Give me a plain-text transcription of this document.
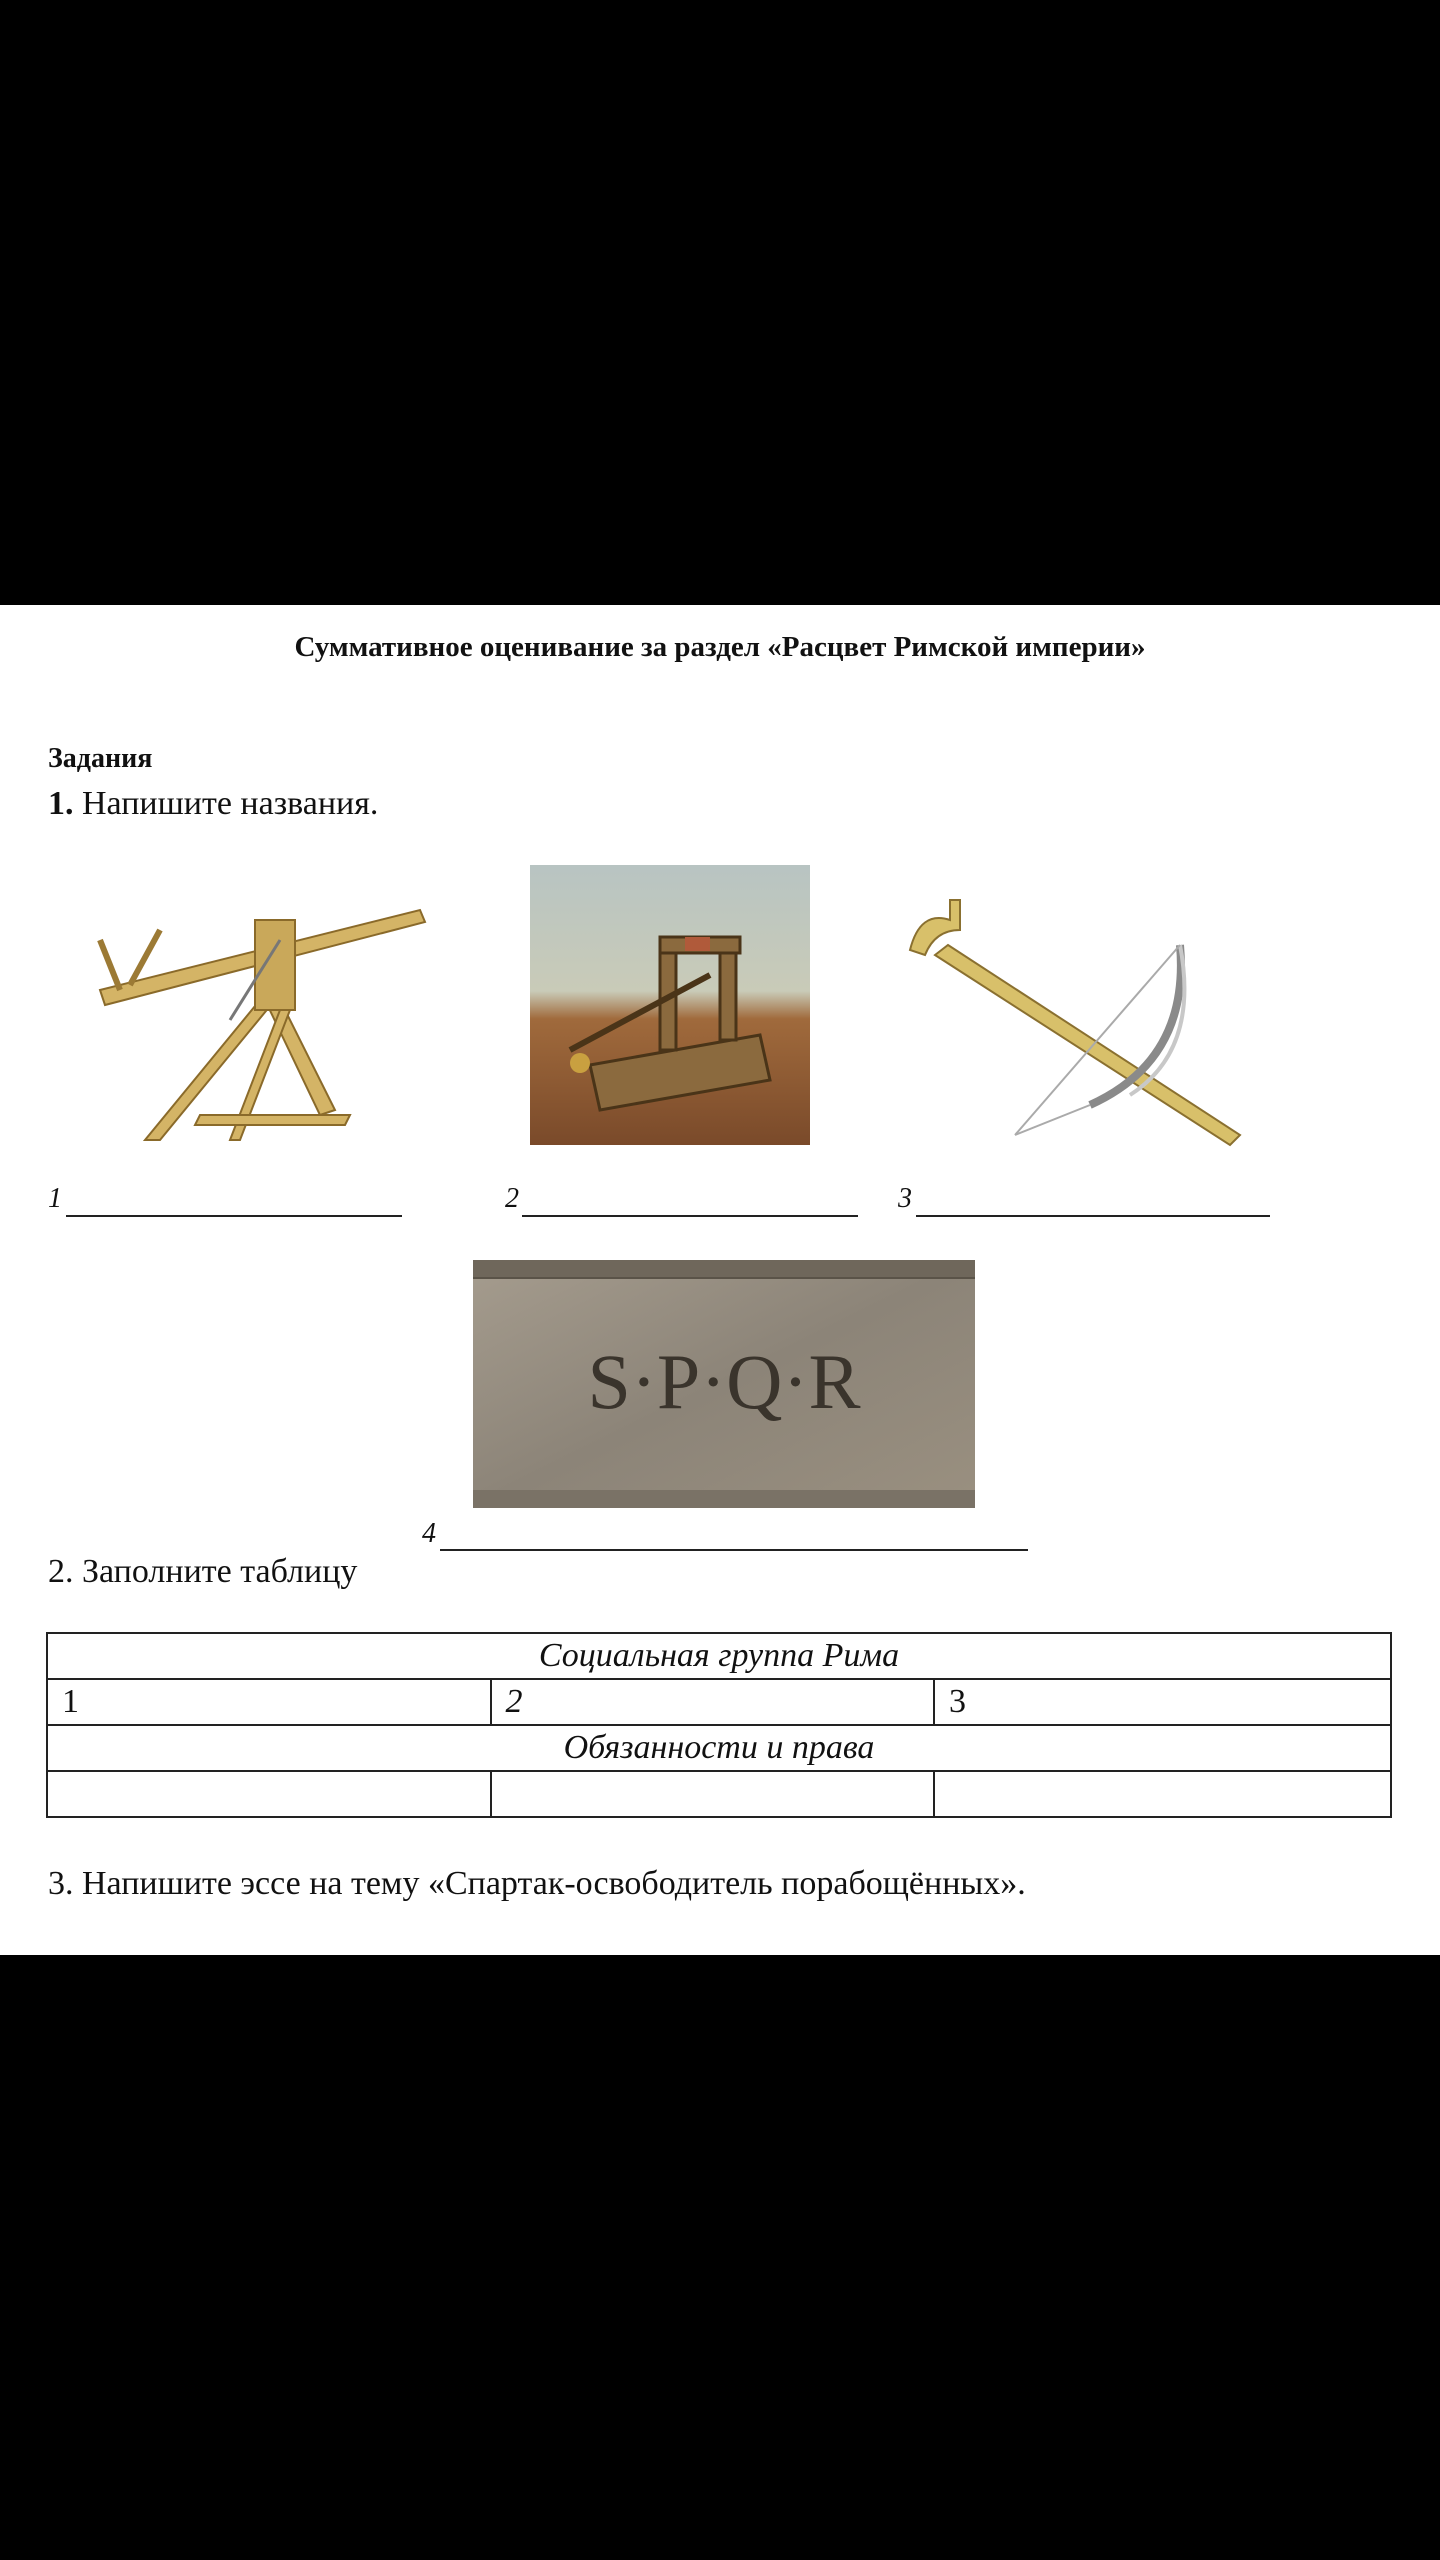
Суммативное оценивание за раздел «Расцвет Римской империи»
Задания
1. Напишите названия.
1	2	3
S·P·Q·R
4
2. Заполните таблицу
Социальная группа Рима		
1	2	3
Обязанности и права		

3. Напишите эссе на тему «Спартак-освободитель порабощённых».
